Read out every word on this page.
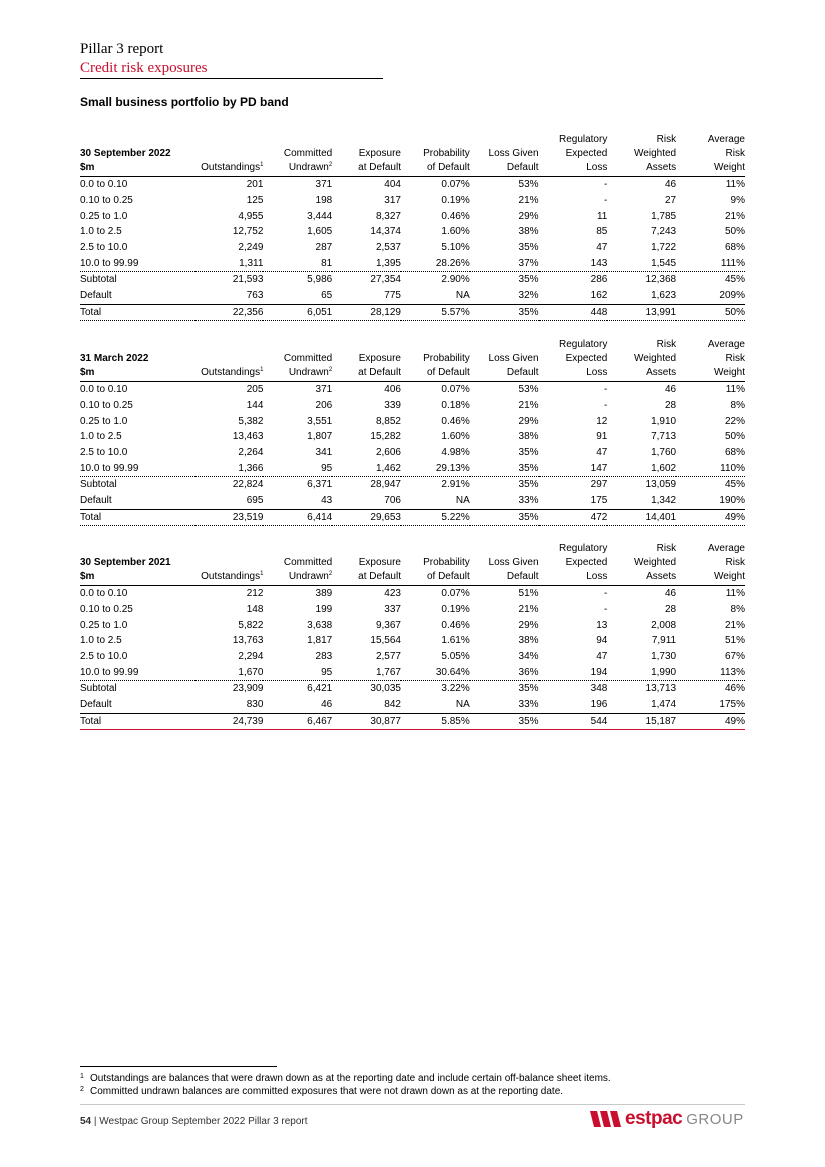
Pillar 3 report
Credit risk exposures
Small business portfolio by PD band
						Regulatory	Risk	Average
30 September 2022		Committed	Exposure	Probability	Loss Given	Expected	Weighted	Risk
$m	Outstandings$^1$	Undrawn$^2$	at Default	of Default	Default	Loss	Assets	Weight
0.0 to 0.10	201	371	404	0.07%	53%	-	46	11%
0.10 to 0.25	125	198	317	0.19%	21%	-	27	9%
0.25 to 1.0	4,955	3,444	8,327	0.46%	29%	11	1,785	21%
1.0 to 2.5	12,752	1,605	14,374	1.60%	38%	85	7,243	50%
2.5 to 10.0	2,249	287	2,537	5.10%	35%	47	1,722	68%
10.0 to 99.99	1,311	81	1,395	28.26%	37%	143	1,545	111%
Subtotal	21,593	5,986	27,354	2.90%	35%	286	12,368	45%
Default	763	65	775	NA	32%	162	1,623	209%
Total	22,356	6,051	28,129	5.57%	35%	448	13,991	50%
						Regulatory	Risk	Average
31 March 2022		Committed	Exposure	Probability	Loss Given	Expected	Weighted	Risk
$m	Outstandings$^1$	Undrawn$^2$	at Default	of Default	Default	Loss	Assets	Weight
0.0 to 0.10	205	371	406	0.07%	53%	-	46	11%
0.10 to 0.25	144	206	339	0.18%	21%	-	28	8%
0.25 to 1.0	5,382	3,551	8,852	0.46%	29%	12	1,910	22%
1.0 to 2.5	13,463	1,807	15,282	1.60%	38%	91	7,713	50%
2.5 to 10.0	2,264	341	2,606	4.98%	35%	47	1,760	68%
10.0 to 99.99	1,366	95	1,462	29.13%	35%	147	1,602	110%
Subtotal	22,824	6,371	28,947	2.91%	35%	297	13,059	45%
Default	695	43	706	NA	33%	175	1,342	190%
Total	23,519	6,414	29,653	5.22%	35%	472	14,401	49%
						Regulatory	Risk	Average
30 September 2021		Committed	Exposure	Probability	Loss Given	Expected	Weighted	Risk
$m	Outstandings$^1$	Undrawn$^2$	at Default	of Default	Default	Loss	Assets	Weight
0.0 to 0.10	212	389	423	0.07%	51%	-	46	11%
0.10 to 0.25	148	199	337	0.19%	21%	-	28	8%
0.25 to 1.0	5,822	3,638	9,367	0.46%	29%	13	2,008	21%
1.0 to 2.5	13,763	1,817	15,564	1.61%	38%	94	7,911	51%
2.5 to 10.0	2,294	283	2,577	5.05%	34%	47	1,730	67%
10.0 to 99.99	1,670	95	1,767	30.64%	36%	194	1,990	113%
Subtotal	23,909	6,421	30,035	3.22%	35%	348	13,713	46%
Default	830	46	842	NA	33%	196	1,474	175%
Total	24,739	6,467	30,877	5.85%	35%	544	15,187	49%
1 Outstandings are balances that were drawn down as at the reporting date and include certain off-balance sheet items.
2 Committed undrawn balances are committed exposures that were not drawn down as at the reporting date.
54 | Westpac Group September 2022 Pillar 3 report	estpac GROUP
